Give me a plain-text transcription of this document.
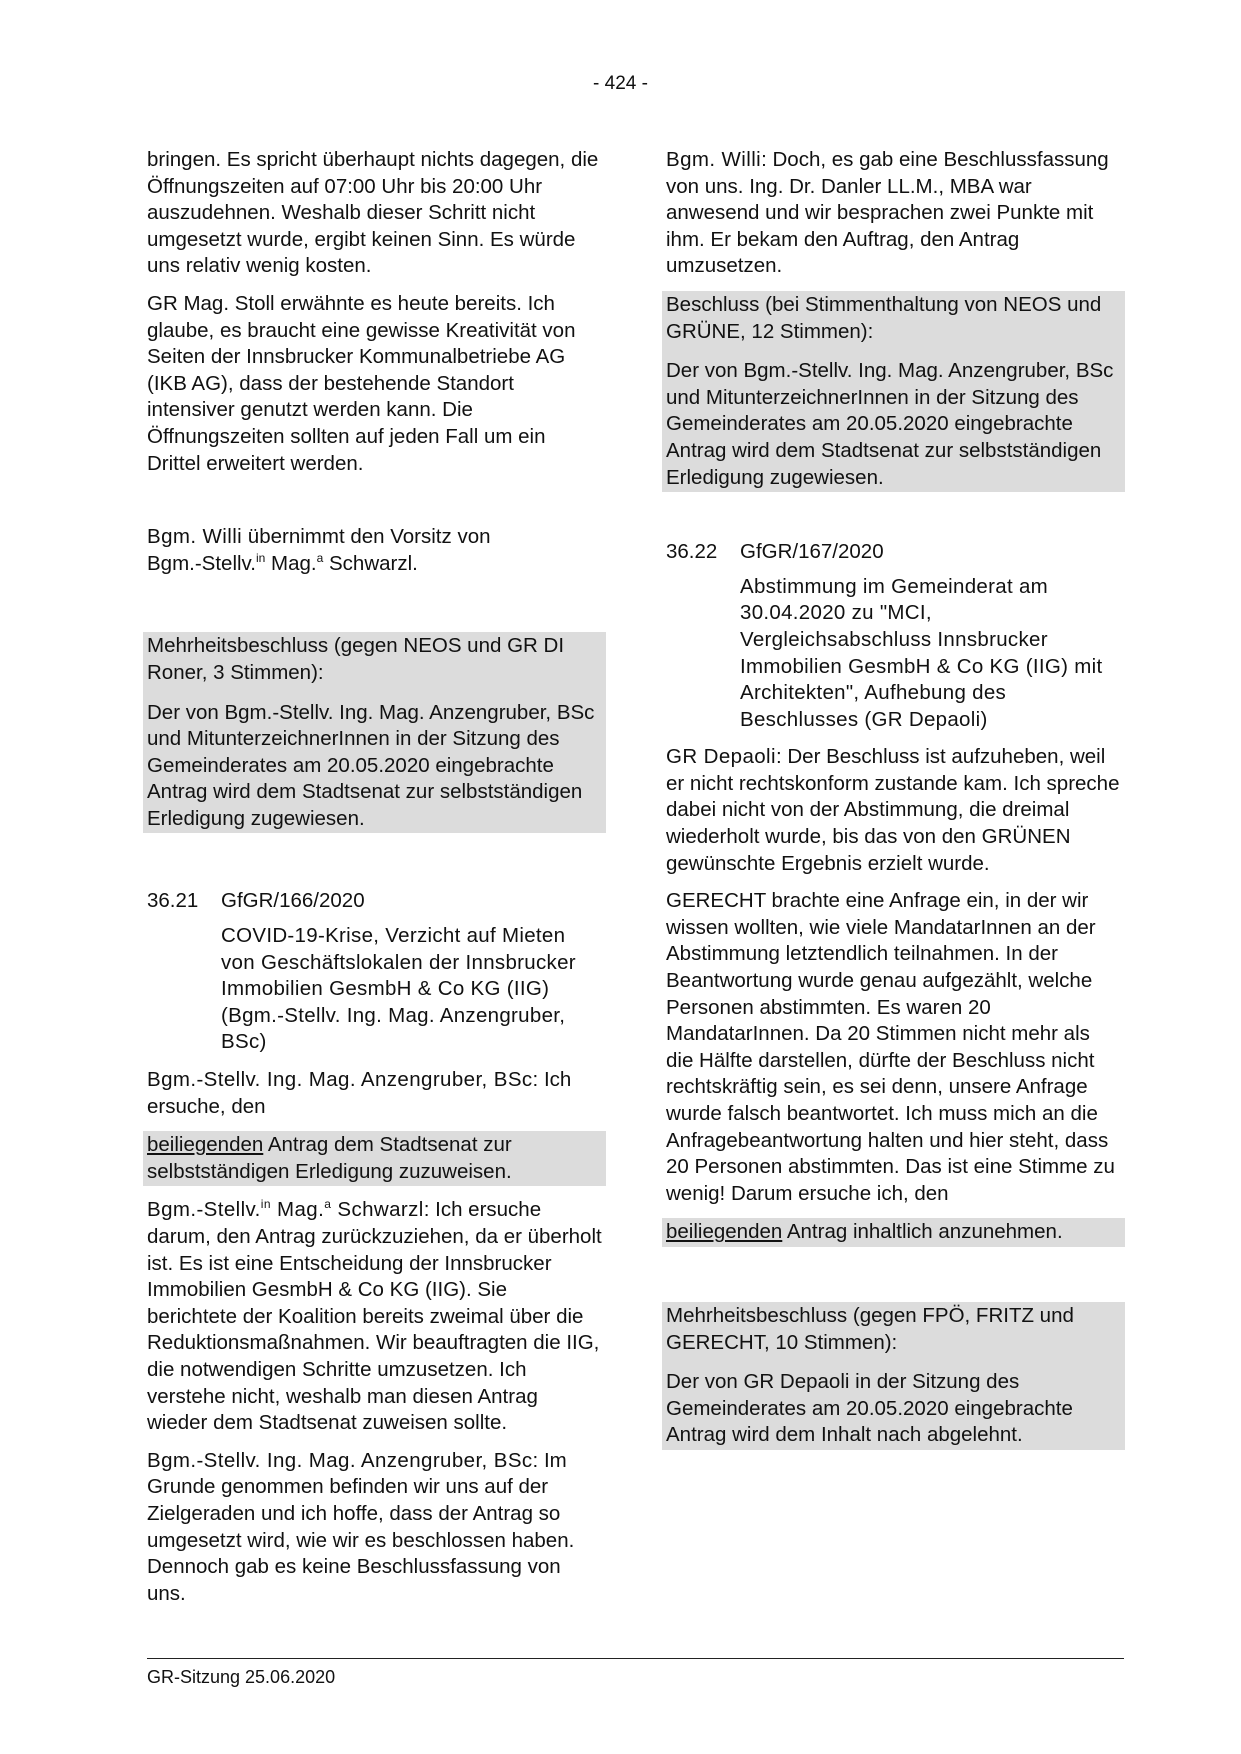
- 424 -

bringen. Es spricht überhaupt nichts dagegen, die Öffnungszeiten auf 07:00 Uhr bis 20:00 Uhr auszudehnen. Weshalb dieser Schritt nicht umgesetzt wurde, ergibt keinen Sinn. Es würde uns relativ wenig kosten.

GR Mag. Stoll erwähnte es heute bereits. Ich glaube, es braucht eine gewisse Kreativität von Seiten der Innsbrucker Kommunalbetriebe AG (IKB AG), dass der bestehende Standort intensiver genutzt werden kann. Die Öffnungszeiten sollten auf jeden Fall um ein Drittel erweitert werden.

Bgm. Willi übernimmt den Vorsitz von
Bgm.-Stellv.$^{in}$ Mag.$^a$ Schwarzl.

Mehrheitsbeschluss (gegen NEOS und GR DI Roner, 3 Stimmen):

Der von Bgm.-Stellv. Ing. Mag. Anzengruber, BSc und MitunterzeichnerInnen in der Sitzung des Gemeinderates am 20.05.2020 eingebrachte Antrag wird dem Stadtsenat zur selbstständigen Erledigung zugewiesen.

36.21	GfGR/166/2020

COVID-19-Krise, Verzicht auf Mieten von Geschäftslokalen der Innsbrucker Immobilien GesmbH & Co KG (IIG) (Bgm.-Stellv. Ing. Mag. Anzengruber, BSc)

Bgm.-Stellv. Ing. Mag. Anzengruber, BSc: Ich ersuche, den

beiliegenden Antrag dem Stadtsenat zur selbstständigen Erledigung zuzuweisen.

Bgm.-Stellv.$^{in}$ Mag.$^a$ Schwarzl: Ich ersuche darum, den Antrag zurückzuziehen, da er überholt ist. Es ist eine Entscheidung der Innsbrucker Immobilien GesmbH & Co KG (IIG). Sie berichtete der Koalition bereits zweimal über die Reduktionsmaßnahmen. Wir beauftragten die IIG, die notwendigen Schritte umzusetzen. Ich verstehe nicht, weshalb man diesen Antrag wieder dem Stadtsenat zuweisen sollte.

Bgm.-Stellv. Ing. Mag. Anzengruber, BSc: Im Grunde genommen befinden wir uns auf der Zielgeraden und ich hoffe, dass der Antrag so umgesetzt wird, wie wir es beschlossen haben. Dennoch gab es keine Beschlussfassung von uns.

Bgm. Willi: Doch, es gab eine Beschlussfassung von uns. Ing. Dr. Danler LL.M., MBA war anwesend und wir besprachen zwei Punkte mit ihm. Er bekam den Auftrag, den Antrag umzusetzen.

Beschluss (bei Stimmenthaltung von NEOS und GRÜNE, 12 Stimmen):

Der von Bgm.-Stellv. Ing. Mag. Anzengruber, BSc und MitunterzeichnerInnen in der Sitzung des Gemeinderates am 20.05.2020 eingebrachte Antrag wird dem Stadtsenat zur selbstständigen Erledigung zugewiesen.

36.22	GfGR/167/2020

Abstimmung im Gemeinderat am 30.04.2020 zu "MCI, Vergleichsabschluss Innsbrucker Immobilien GesmbH & Co KG (IIG) mit Architekten", Aufhebung des Beschlusses (GR Depaoli)

GR Depaoli: Der Beschluss ist aufzuheben, weil er nicht rechtskonform zustande kam. Ich spreche dabei nicht von der Abstimmung, die dreimal wiederholt wurde, bis das von den GRÜNEN gewünschte Ergebnis erzielt wurde.

GERECHT brachte eine Anfrage ein, in der wir wissen wollten, wie viele MandatarInnen an der Abstimmung letztendlich teilnahmen. In der Beantwortung wurde genau aufgezählt, welche Personen abstimmten. Es waren 20 MandatarInnen. Da 20 Stimmen nicht mehr als die Hälfte darstellen, dürfte der Beschluss nicht rechtskräftig sein, es sei denn, unsere Anfrage wurde falsch beantwortet. Ich muss mich an die Anfragebeantwortung halten und hier steht, dass 20 Personen abstimmten. Das ist eine Stimme zu wenig! Darum ersuche ich, den

beiliegenden Antrag inhaltlich anzunehmen.

Mehrheitsbeschluss (gegen FPÖ, FRITZ und GERECHT, 10 Stimmen):

Der von GR Depaoli in der Sitzung des Gemeinderates am 20.05.2020 eingebrachte Antrag wird dem Inhalt nach abgelehnt.

GR-Sitzung 25.06.2020
